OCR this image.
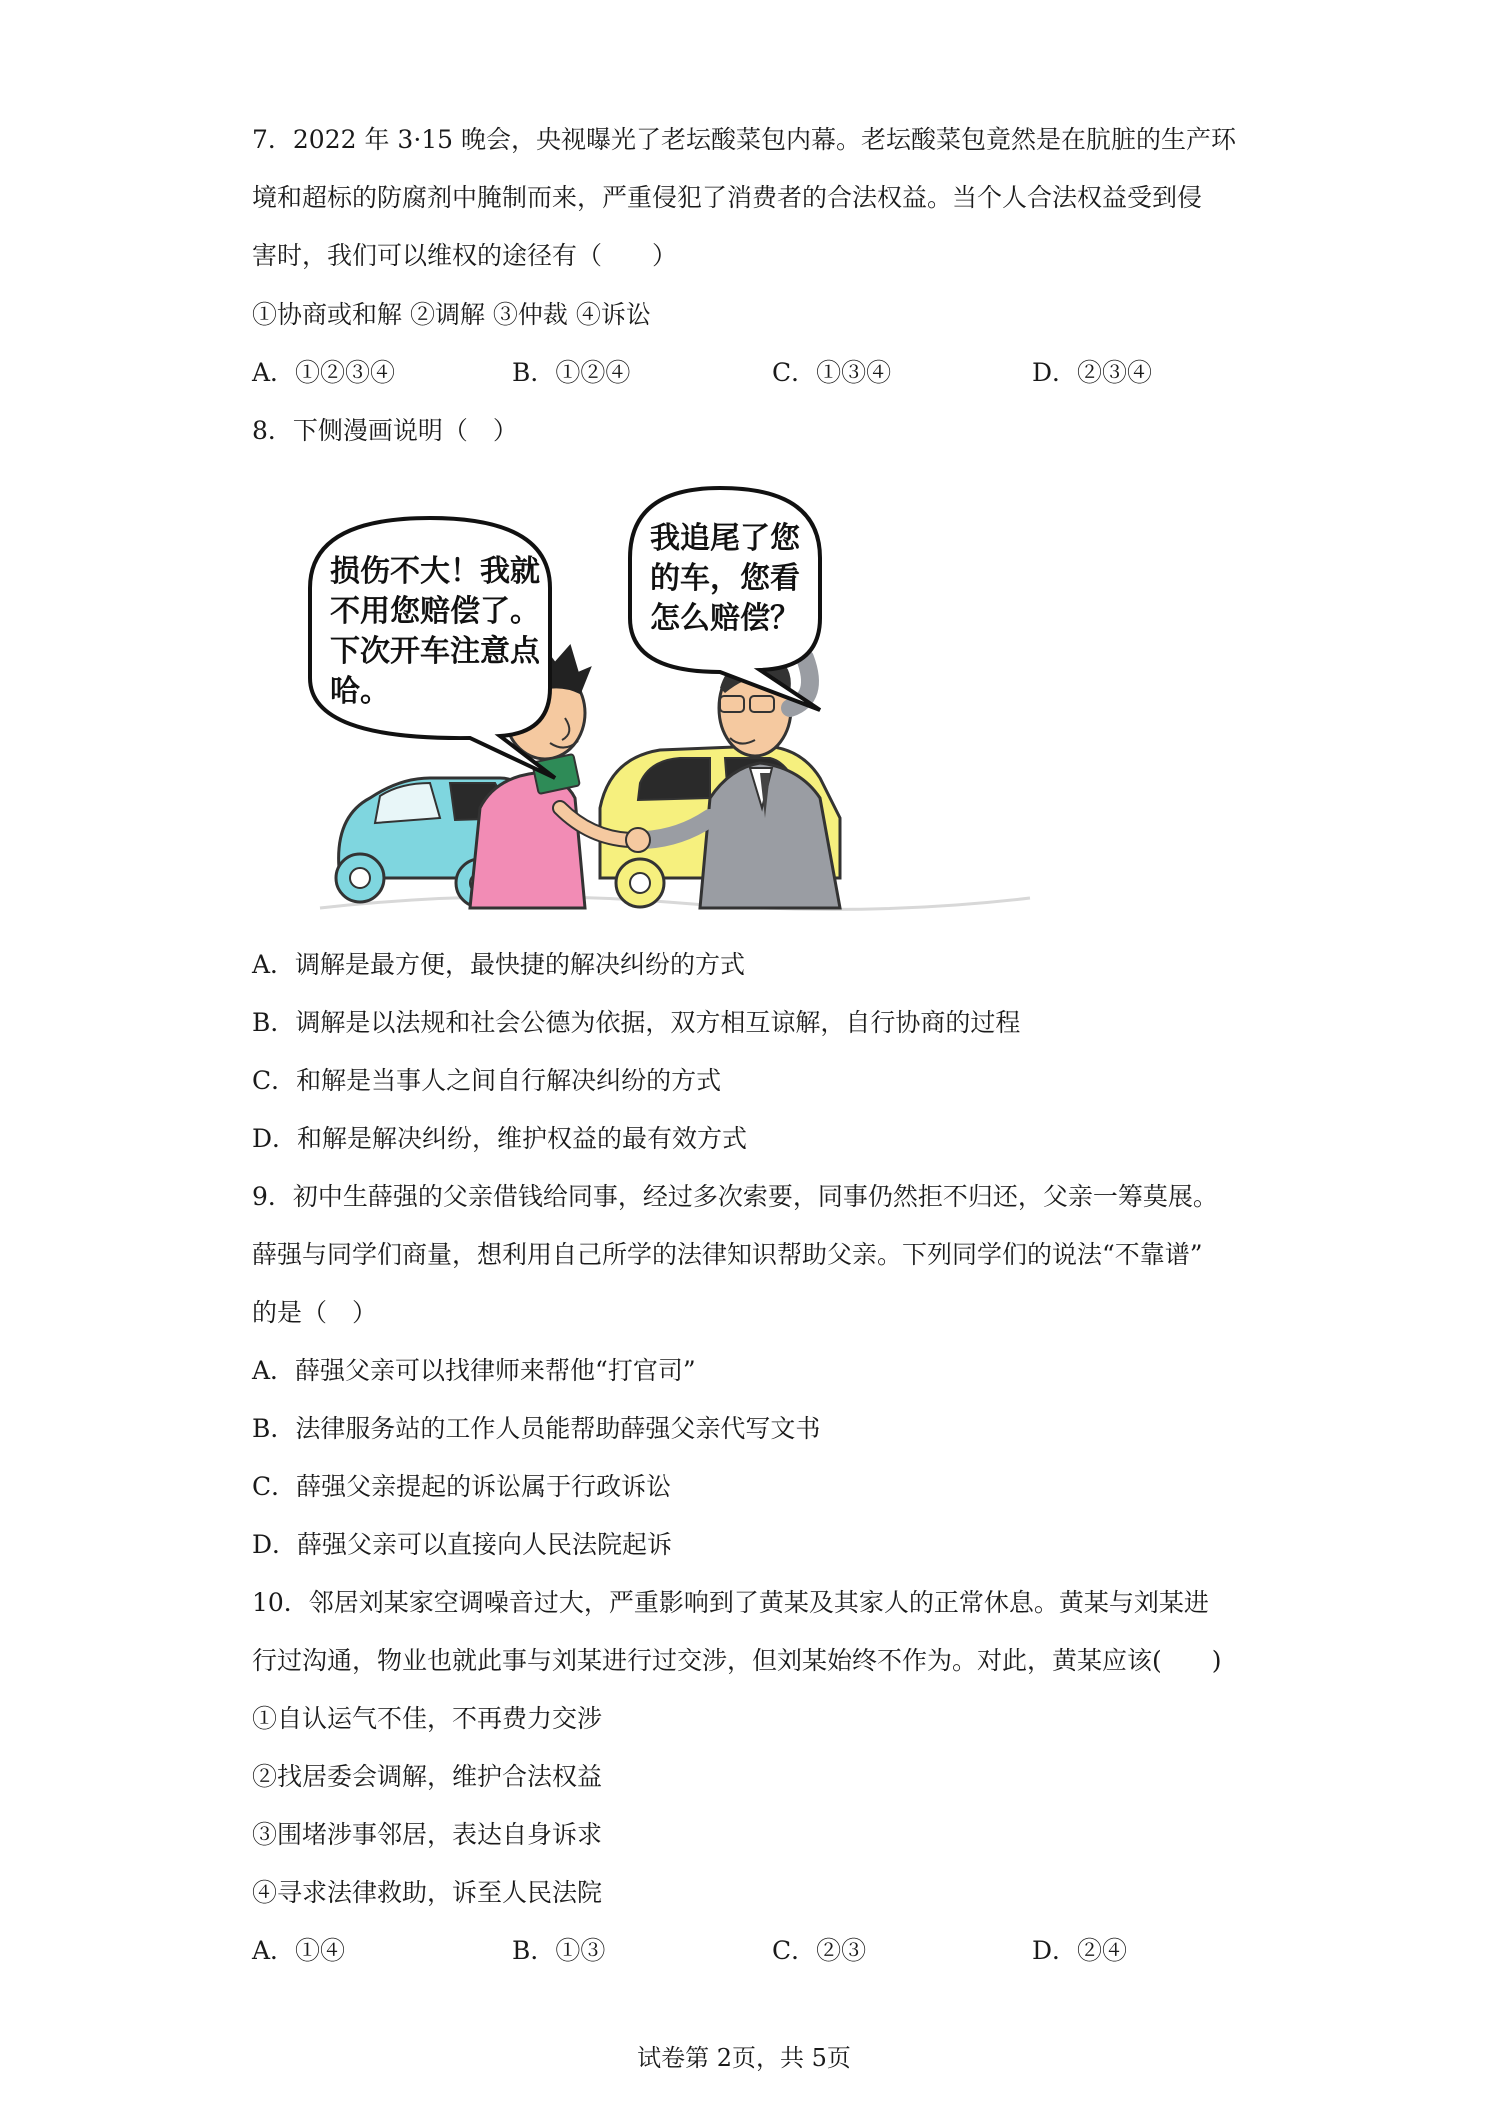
7．2022 年 3·15 晚会，央视曝光了老坛酸菜包内幕。老坛酸菜包竟然是在肮脏的生产环
境和超标的防腐剂中腌制而来，严重侵犯了消费者的合法权益。当个人合法权益受到侵
害时，我们可以维权的途径有（　　）
①协商或和解 ②调解 ③仲裁 ④诉讼
A．①②③④	B．①②④	C．①③④	D．②③④
8．下侧漫画说明（　）
损伤不大！我就
不用您赔偿了。
下次开车注意点
哈。
我追尾了您
的车，您看
怎么赔偿？
A．调解是最方便，最快捷的解决纠纷的方式
B．调解是以法规和社会公德为依据，双方相互谅解，自行协商的过程
C．和解是当事人之间自行解决纠纷的方式
D．和解是解决纠纷，维护权益的最有效方式
9．初中生薛强的父亲借钱给同事，经过多次索要，同事仍然拒不归还，父亲一筹莫展。
薛强与同学们商量，想利用自己所学的法律知识帮助父亲。下列同学们的说法“不靠谱”
的是（　）
A．薛强父亲可以找律师来帮他“打官司”
B．法律服务站的工作人员能帮助薛强父亲代写文书
C．薛强父亲提起的诉讼属于行政诉讼
D．薛强父亲可以直接向人民法院起诉
10．邻居刘某家空调噪音过大，严重影响到了黄某及其家人的正常休息。黄某与刘某进
行过沟通，物业也就此事与刘某进行过交涉，但刘某始终不作为。对此，黄某应该(　　)
①自认运气不佳，不再费力交涉
②找居委会调解，维护合法权益
③围堵涉事邻居，表达自身诉求
④寻求法律救助，诉至人民法院
A．①④	B．①③	C．②③	D．②④
试卷第 2页，共 5页
